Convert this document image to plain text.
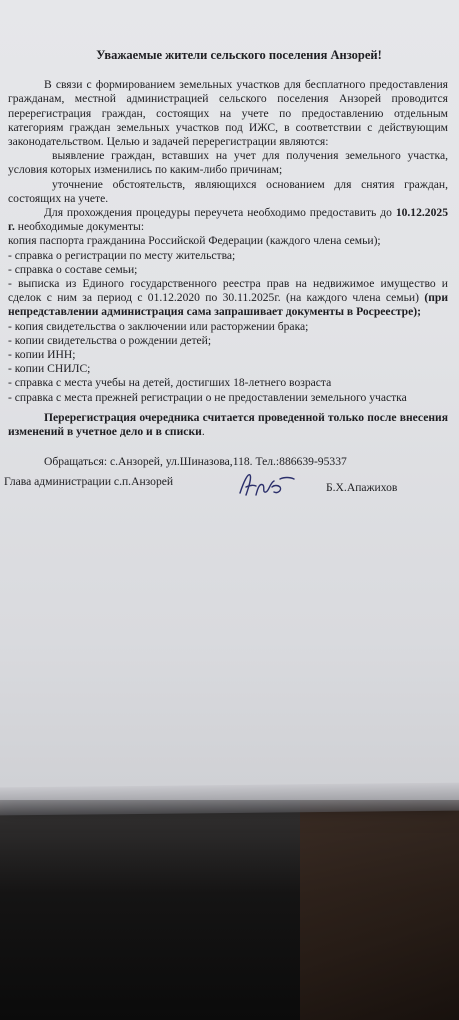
Уважаемые жители сельского поселения Анзорей!

В связи с формированием земельных участков для бесплатного предоставления гражданам, местной администрацией сельского поселения Анзорей проводится перерегистрация граждан, состоящих на учете по предоставлению отдельным категориям граждан земельных участков под ИЖС, в соответствии с действующим законодательством. Целью и задачей перерегистрации являются:

выявление граждан, вставших на учет для получения земельного участка, условия которых изменились по каким-либо причинам;

уточнение обстоятельств, являющихся основанием для снятия граждан, состоящих на учете.

Для прохождения процедуры переучета необходимо предоставить до 10.12.2025 г. необходимые документы:

копия паспорта гражданина Российской Федерации (каждого члена семьи);

- справка о регистрации по месту жительства;

- справка о составе семьи;

- выписка из Единого государственного реестра прав на недвижимое имущество и сделок с ним за период с 01.12.2020 по 30.11.2025г. (на каждого члена семьи) (при непредставлении администрация сама запрашивает документы в Росреестре);

- копия свидетельства о заключении или расторжении брака;

- копии свидетельства о рождении детей;

- копии ИНН;

- копии СНИЛС;

- справка с места учебы на детей, достигших 18-летнего возраста

- справка с места прежней регистрации о не предоставлении земельного участка

Перерегистрация очередника считается проведенной только после внесения изменений в учетное дело и в списки.

Обращаться: с.Анзорей, ул.Шиназова,118. Тел.:886639-95337

Глава администрации с.п.Анзорей	Б.Х.Апажихов
